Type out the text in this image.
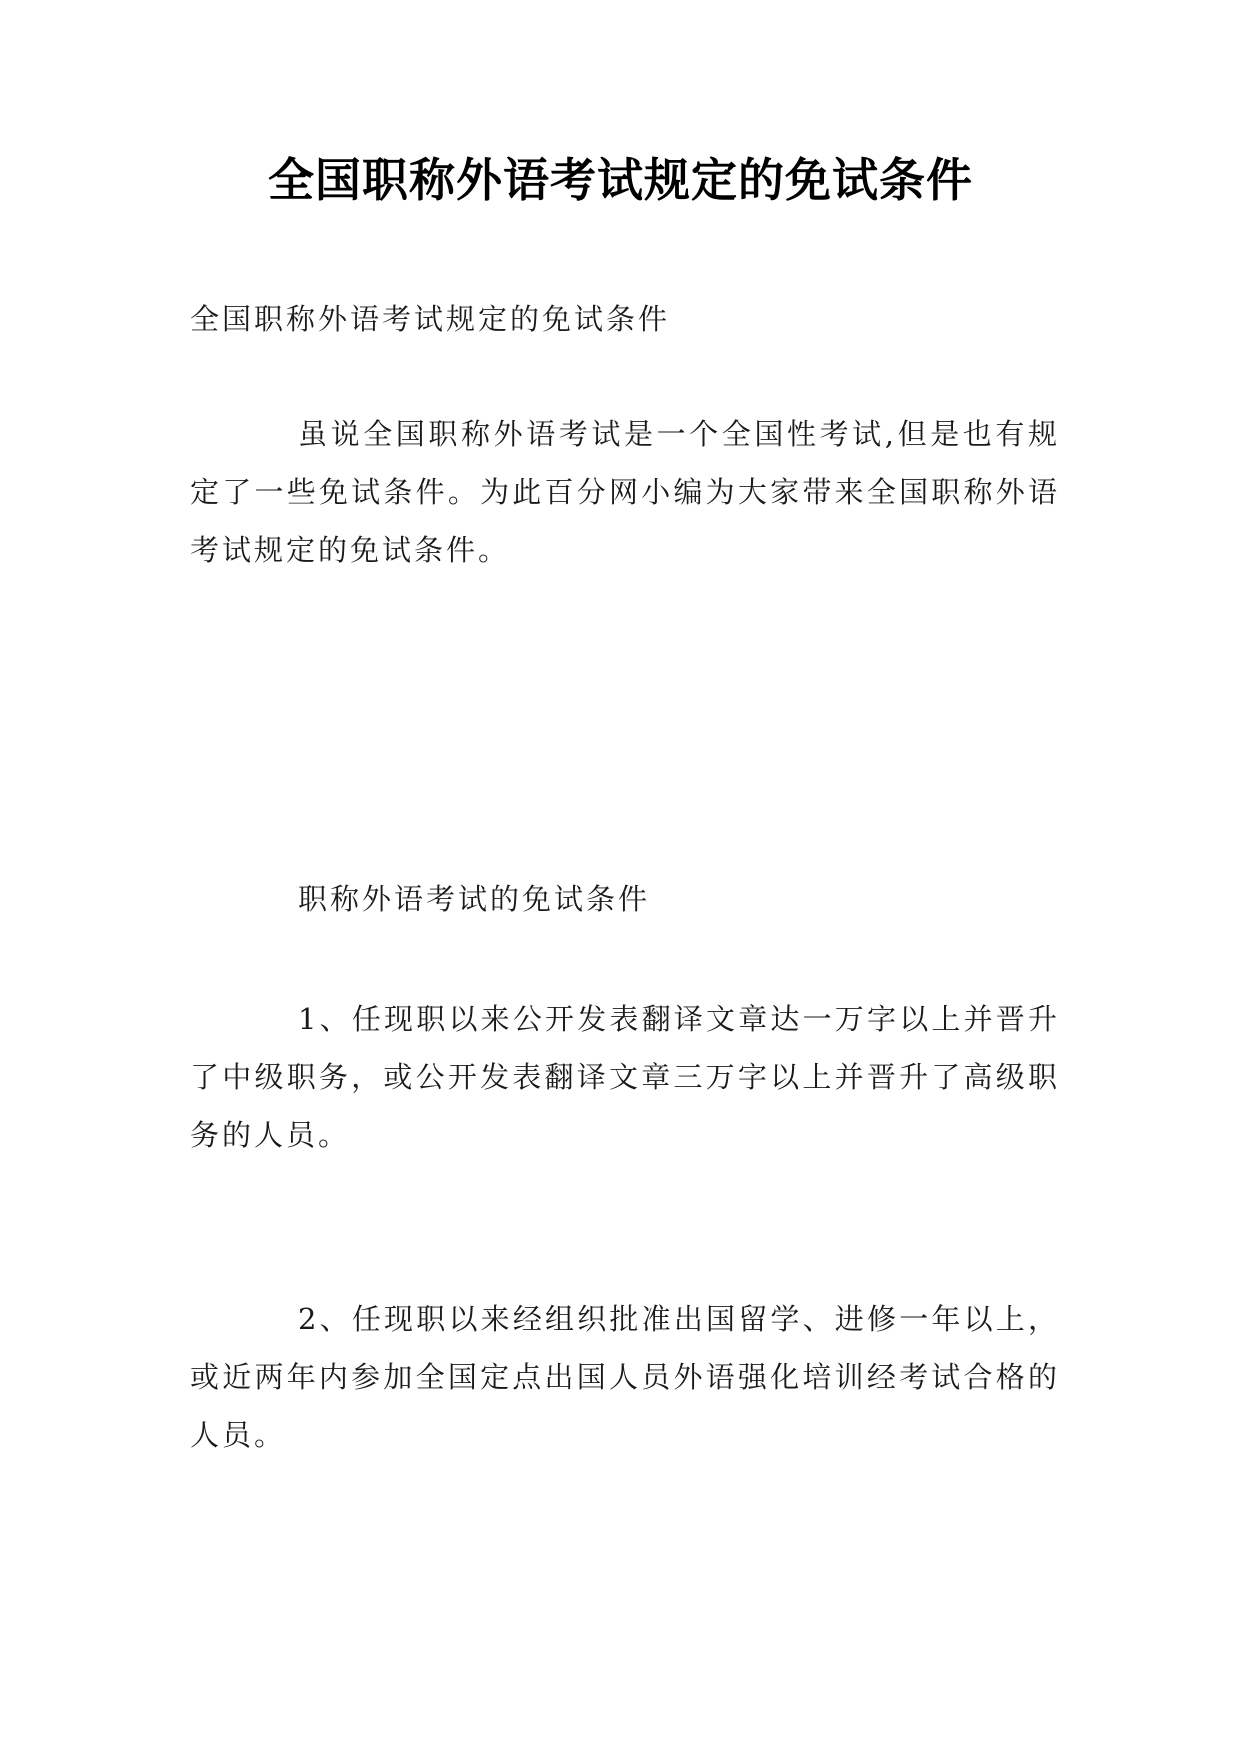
全国职称外语考试规定的免试条件

全国职称外语考试规定的免试条件

虽说全国职称外语考试是一个全国性考试,但是也有规定了一些免试条件。为此百分网小编为大家带来全国职称外语考试规定的免试条件。

职称外语考试的免试条件

1、任现职以来公开发表翻译文章达一万字以上并晋升了中级职务，或公开发表翻译文章三万字以上并晋升了高级职务的人员。

2、任现职以来经组织批准出国留学、进修一年以上，或近两年内参加全国定点出国人员外语强化培训经考试合格的人员。
